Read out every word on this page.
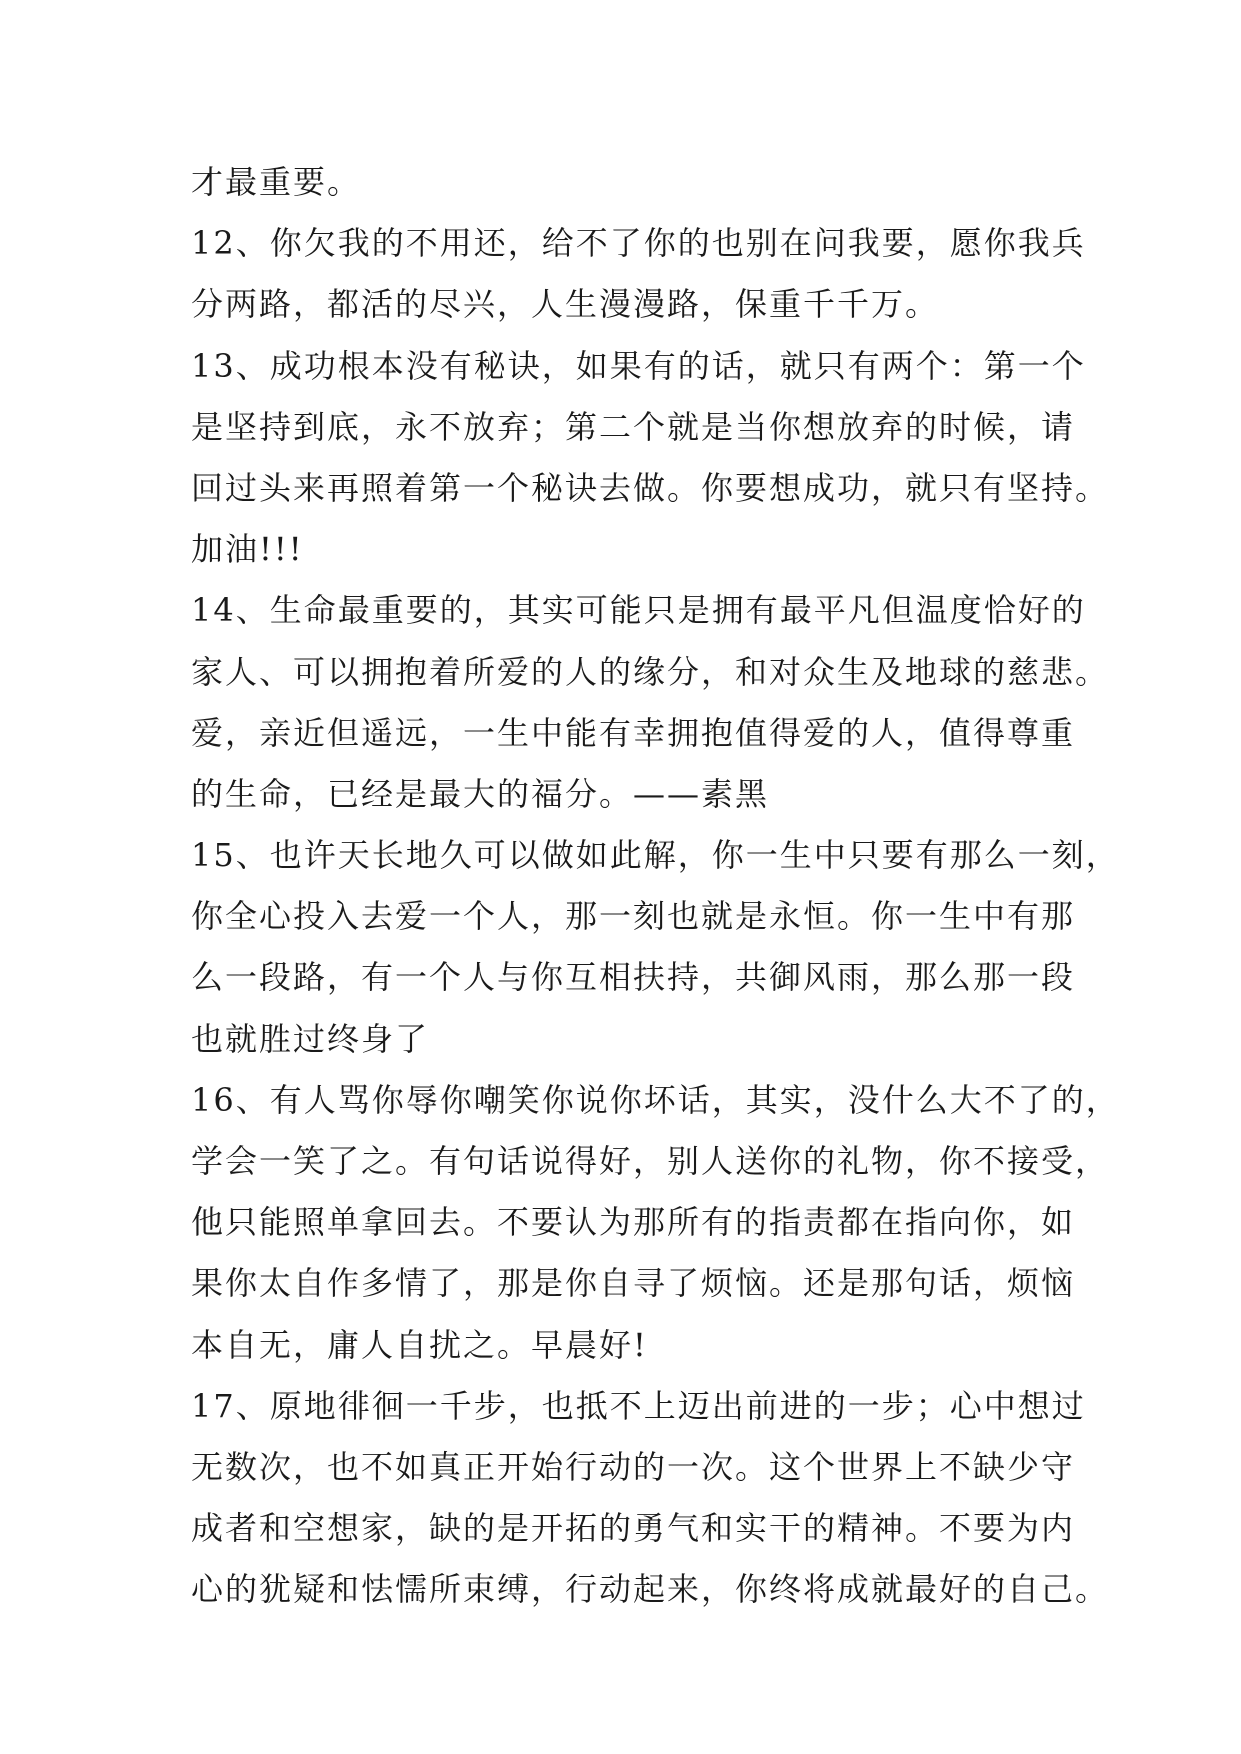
才最重要。
12、你欠我的不用还，给不了你的也别在问我要，愿你我兵
分两路，都活的尽兴，人生漫漫路，保重千千万。
13、成功根本没有秘诀，如果有的话，就只有两个：第一个
是坚持到底，永不放弃；第二个就是当你想放弃的时候，请
回过头来再照着第一个秘诀去做。你要想成功，就只有坚持。
加油!!!
14、生命最重要的，其实可能只是拥有最平凡但温度恰好的
家人、可以拥抱着所爱的人的缘分，和对众生及地球的慈悲。
爱，亲近但遥远，一生中能有幸拥抱值得爱的人，值得尊重
的生命，已经是最大的福分。——素黑
15、也许天长地久可以做如此解，你一生中只要有那么一刻，
你全心投入去爱一个人，那一刻也就是永恒。你一生中有那
么一段路，有一个人与你互相扶持，共御风雨，那么那一段
也就胜过终身了
16、有人骂你辱你嘲笑你说你坏话，其实，没什么大不了的，
学会一笑了之。有句话说得好，别人送你的礼物，你不接受，
他只能照单拿回去。不要认为那所有的指责都在指向你，如
果你太自作多情了，那是你自寻了烦恼。还是那句话，烦恼
本自无，庸人自扰之。早晨好!
17、原地徘徊一千步，也抵不上迈出前进的一步；心中想过
无数次，也不如真正开始行动的一次。这个世界上不缺少守
成者和空想家，缺的是开拓的勇气和实干的精神。不要为内
心的犹疑和怯懦所束缚，行动起来，你终将成就最好的自己。
